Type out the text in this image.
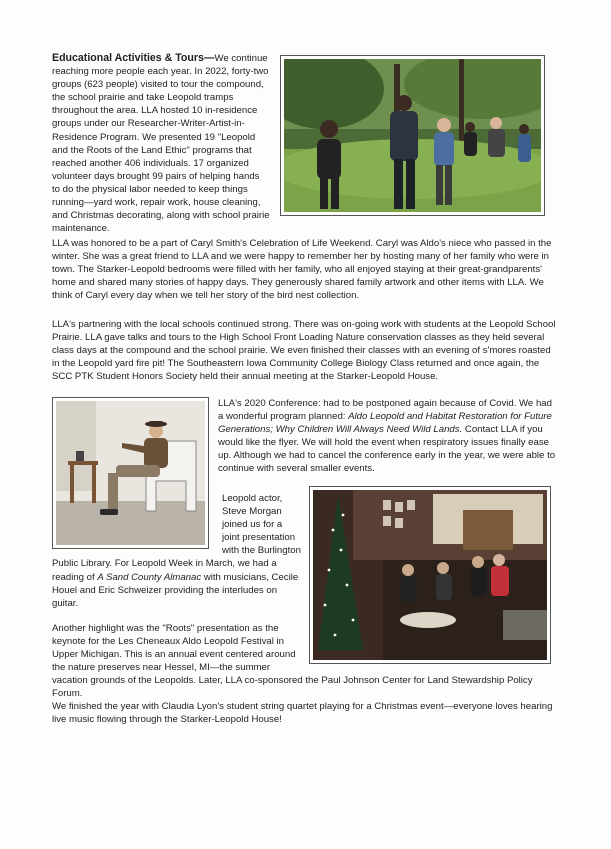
Educational Activities & Tours—We continue reaching more people each year. In 2022, forty-two groups (623 people) visited to tour the compound, the school prairie and take Leopold tramps throughout the area. LLA hosted 10 in-residence groups under our Researcher-Writer-Artist-in-Residence Program. We presented 19 "Leopold and the Roots of the Land Ethic" programs that reached another 406 individuals. 17 organized volunteer days brought 99 pairs of helping hands to do the physical labor needed to keep things running—yard work, repair work, house cleaning, and Christmas decorating, along with school prairie maintenance.

LLA was honored to be a part of Caryl Smith's Celebration of Life Weekend. Caryl was Aldo's niece who passed in the winter. She was a great friend to LLA and we were happy to remember her by hosting many of her family who were in town. The Starker-Leopold bedrooms were filled with her family, who all enjoyed staying at their great-grandparents' home and shared many stories of happy days. They generously shared family artwork and other items with LLA. We think of Caryl every day when we tell her story of the bird nest collection.

LLA's partnering with the local schools continued strong. There was on-going work with students at the Leopold School Prairie. LLA gave talks and tours to the High School Front Loading Nature conservation classes as they held several class days at the compound and the school prairie. We even finished their classes with an evening of s'mores roasted in the Leopold yard fire pit! The Southeastern Iowa Community College Biology Class returned and once again, the SCC PTK Student Honors Society held their annual meeting at the Starker-Leopold House.

LLA's 2020 Conference: had to be postponed again because of Covid. We had a wonderful program planned: Aldo Leopold and Habitat Restoration for Future Generations; Why Children Will Always Need Wild Lands. Contact LLA if you would like the flyer. We will hold the event when respiratory issues finally ease up. Although we had to cancel the conference early in the year, we were able to continue with several smaller events.

Leopold actor, Steve Morgan joined us for a joint presentation with the Burlington Public Library. For Leopold Week in March, we had a reading of A Sand County Almanac with musicians, Cecile Houel and Eric Schweizer providing the interludes on guitar.

Another highlight was the "Roots" presentation as the keynote for the Les Cheneaux Aldo Leopold Festival in Upper Michigan. This is an annual event centered around the nature preserves near Hessel, MI—the summer vacation grounds of the Leopolds. Later, LLA co-sponsored the Paul Johnson Center for Land Stewardship Policy Forum.

We finished the year with Claudia Lyon's student string quartet playing for a Christmas event—everyone loves hearing live music flowing through the Starker-Leopold House!
